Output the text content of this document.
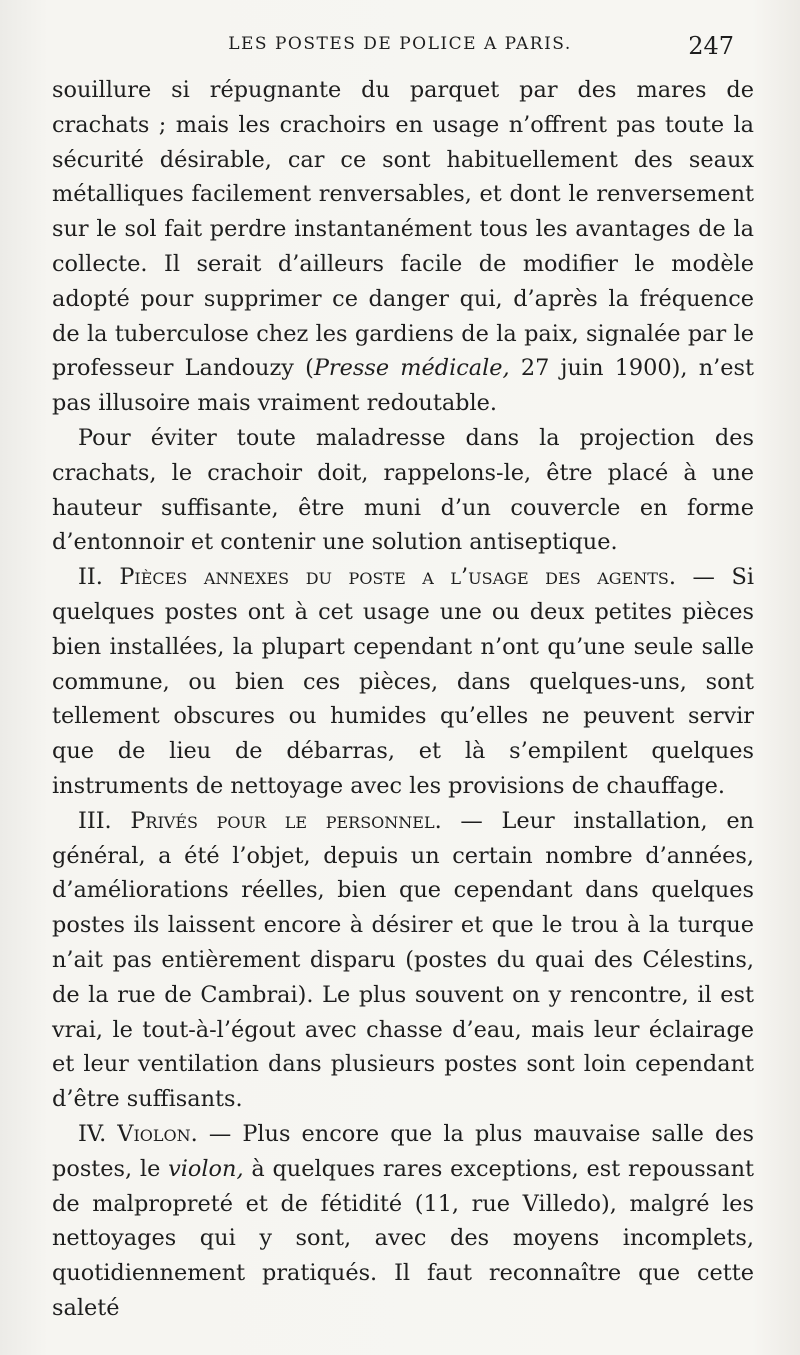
LES POSTES DE POLICE A PARIS.	247

souillure si répugnante du parquet par des mares de crachats ; mais les crachoirs en usage n’offrent pas toute la sécurité désirable, car ce sont habituellement des seaux métalliques facilement renversables, et dont le renversement sur le sol fait perdre instantanément tous les avantages de la collecte. Il serait d’ailleurs facile de modifier le modèle adopté pour supprimer ce danger qui, d’après la fréquence de la tuberculose chez les gardiens de la paix, signalée par le professeur Landouzy (Presse médicale, 27 juin 1900), n’est pas illusoire mais vraiment redoutable.

Pour éviter toute maladresse dans la projection des crachats, le crachoir doit, rappelons-le, être placé à une hauteur suffisante, être muni d’un couvercle en forme d’entonnoir et contenir une solution antiseptique.

II. Pièces annexes du poste a l’usage des agents. — Si quelques postes ont à cet usage une ou deux petites pièces bien installées, la plupart cependant n’ont qu’une seule salle commune, ou bien ces pièces, dans quelques-uns, sont tellement obscures ou humides qu’elles ne peuvent servir que de lieu de débarras, et là s’empilent quelques instruments de nettoyage avec les provisions de chauffage.

III. Privés pour le personnel. — Leur installation, en général, a été l’objet, depuis un certain nombre d’années, d’améliorations réelles, bien que cependant dans quelques postes ils laissent encore à désirer et que le trou à la turque n’ait pas entièrement disparu (postes du quai des Célestins, de la rue de Cambrai). Le plus souvent on y rencontre, il est vrai, le tout-à-l’égout avec chasse d’eau, mais leur éclairage et leur ventilation dans plusieurs postes sont loin cependant d’être suffisants.

IV. Violon. — Plus encore que la plus mauvaise salle des postes, le violon, à quelques rares exceptions, est repoussant de malpropreté et de fétidité (11, rue Villedo), malgré les nettoyages qui y sont, avec des moyens incomplets, quotidiennement pratiqués. Il faut reconnaître que cette saleté
